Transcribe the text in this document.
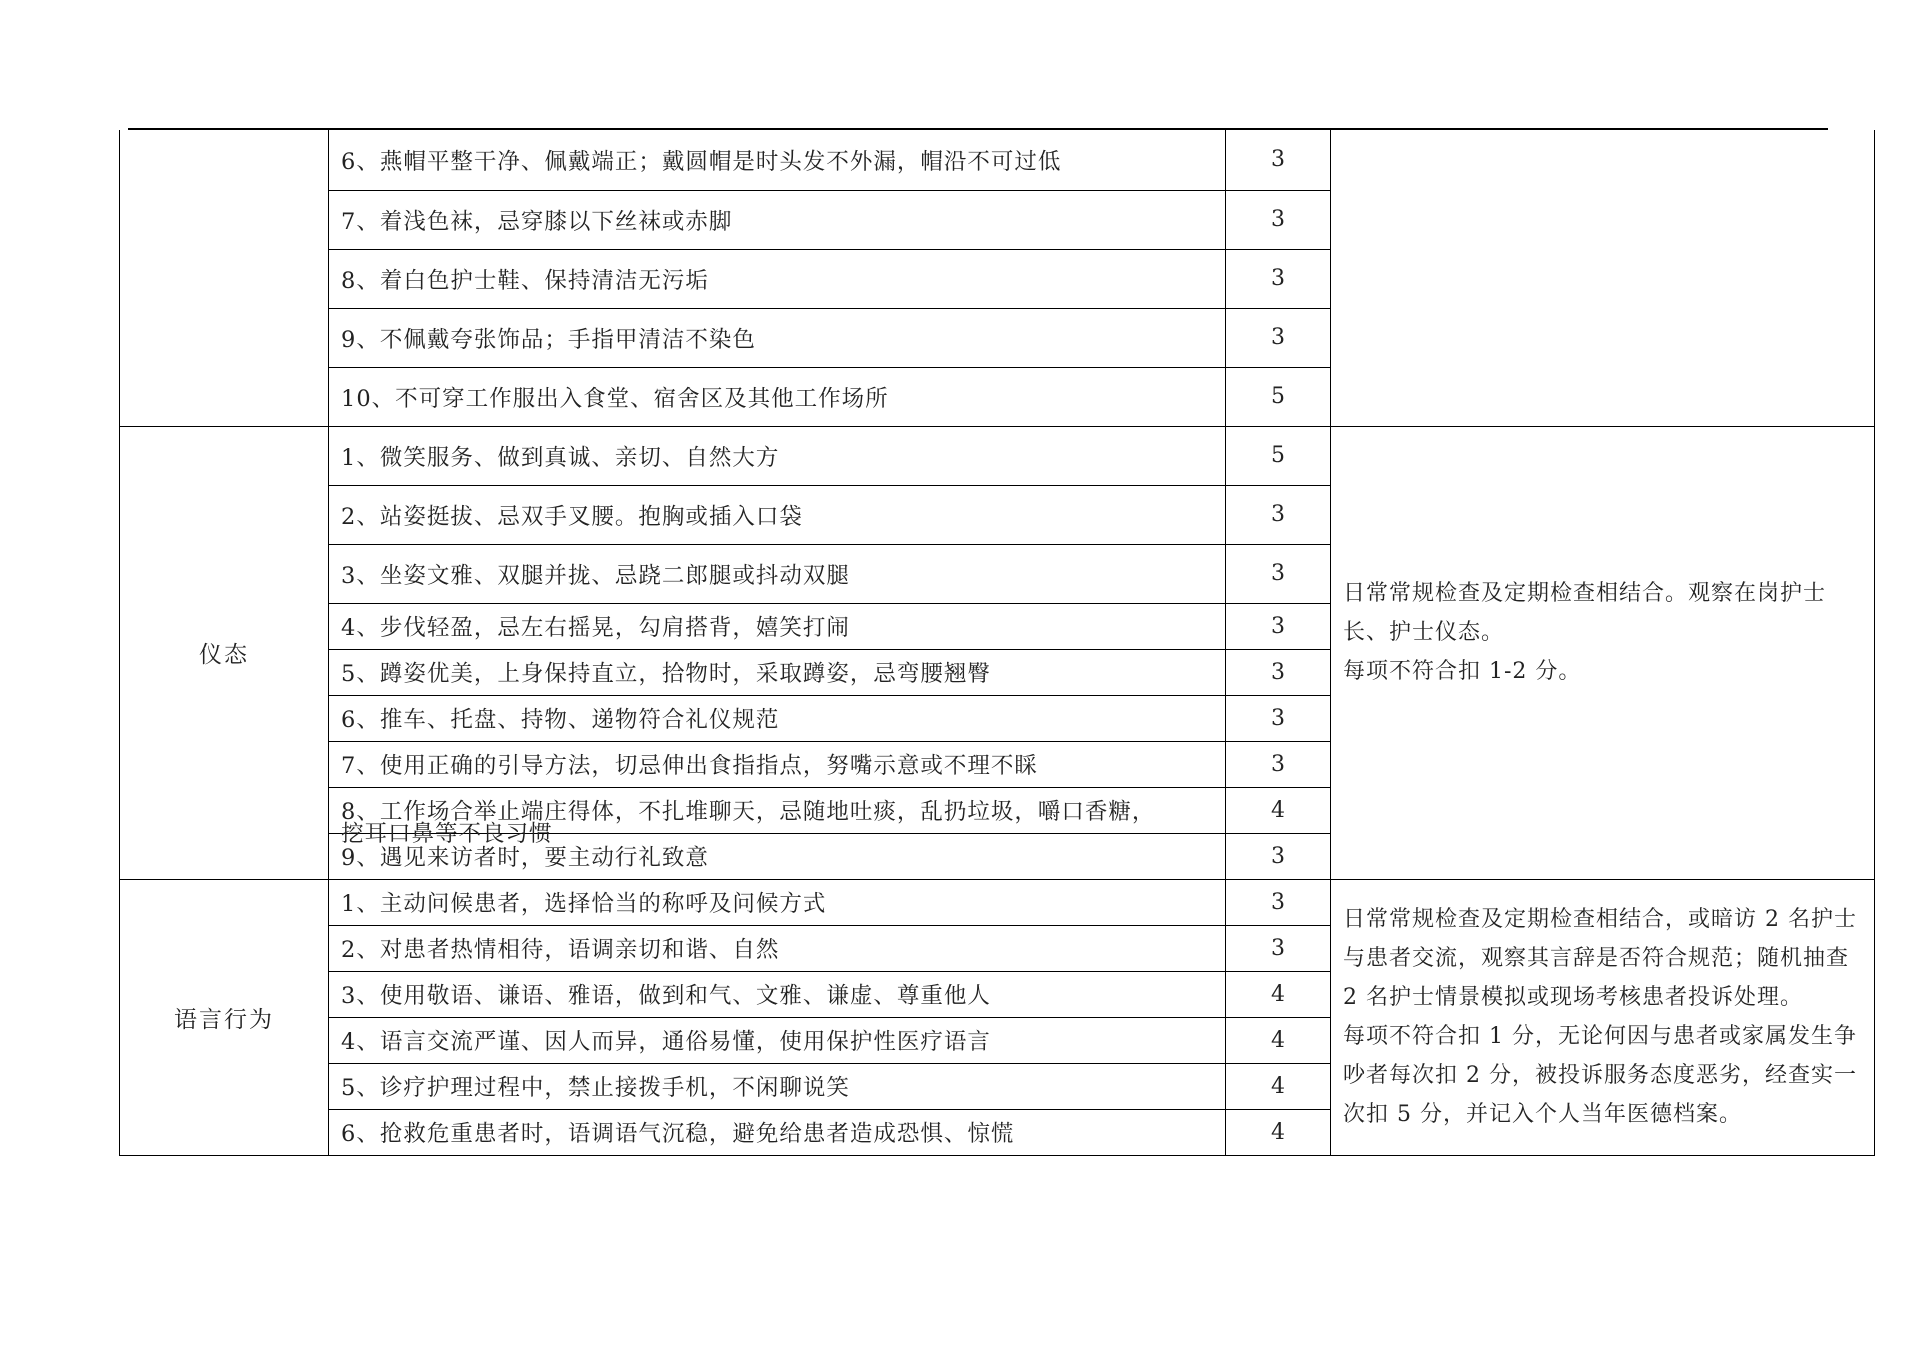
	6、燕帽平整干净、佩戴端正；戴圆帽是时头发不外漏，帽沿不可过低	3	
	7、着浅色袜，忌穿膝以下丝袜或赤脚	3	
	8、着白色护士鞋、保持清洁无污垢	3	
	9、不佩戴夸张饰品；手指甲清洁不染色	3	
	10、不可穿工作服出入食堂、宿舍区及其他工作场所	5	
仪态	1、微笑服务、做到真诚、亲切、自然大方	5	日常常规检查及定期检查相结合。观察在岗护士长、护士仪态。

每项不符合扣 1-2 分。

	2、站姿挺拔、忌双手叉腰。抱胸或插入口袋	3	
	3、坐姿文雅、双腿并拢、忌跷二郎腿或抖动双腿	3	
	4、步伐轻盈，忌左右摇晃，勾肩搭背，嬉笑打闹	3	
	5、蹲姿优美，上身保持直立，拾物时，采取蹲姿，忌弯腰翘臀	3	
	6、推车、托盘、持物、递物符合礼仪规范	3	
	7、使用正确的引导方法，切忌伸出食指指点，努嘴示意或不理不睬	3	

	8、工作场合举止端庄得体，不扎堆聊天，忌随地吐痰，乱扔垃圾，嚼口香糖，
挖耳口鼻等不良习惯	4	
	9、遇见来访者时，要主动行礼致意	3	
语言行为	1、主动问候患者，选择恰当的称呼及问候方式	3	日常常规检查及定期检查相结合，或暗访 2 名护士与患者交流，观察其言辞是否符合规范；随机抽查 2 名护士情景模拟或现场考核患者投诉处理。

每项不符合扣 1 分，无论何因与患者或家属发生争吵者每次扣 2 分，被投诉服务态度恶劣，经查实一次扣 5 分，并记入个人当年医德档案。

	2、对患者热情相待，语调亲切和谐、自然	3	
	3、使用敬语、谦语、雅语，做到和气、文雅、谦虚、尊重他人	4	
	4、语言交流严谨、因人而异，通俗易懂，使用保护性医疗语言	4	
	5、诊疗护理过程中，禁止接拨手机，不闲聊说笑	4	
	6、抢救危重患者时，语调语气沉稳，避免给患者造成恐惧、惊慌	4	
